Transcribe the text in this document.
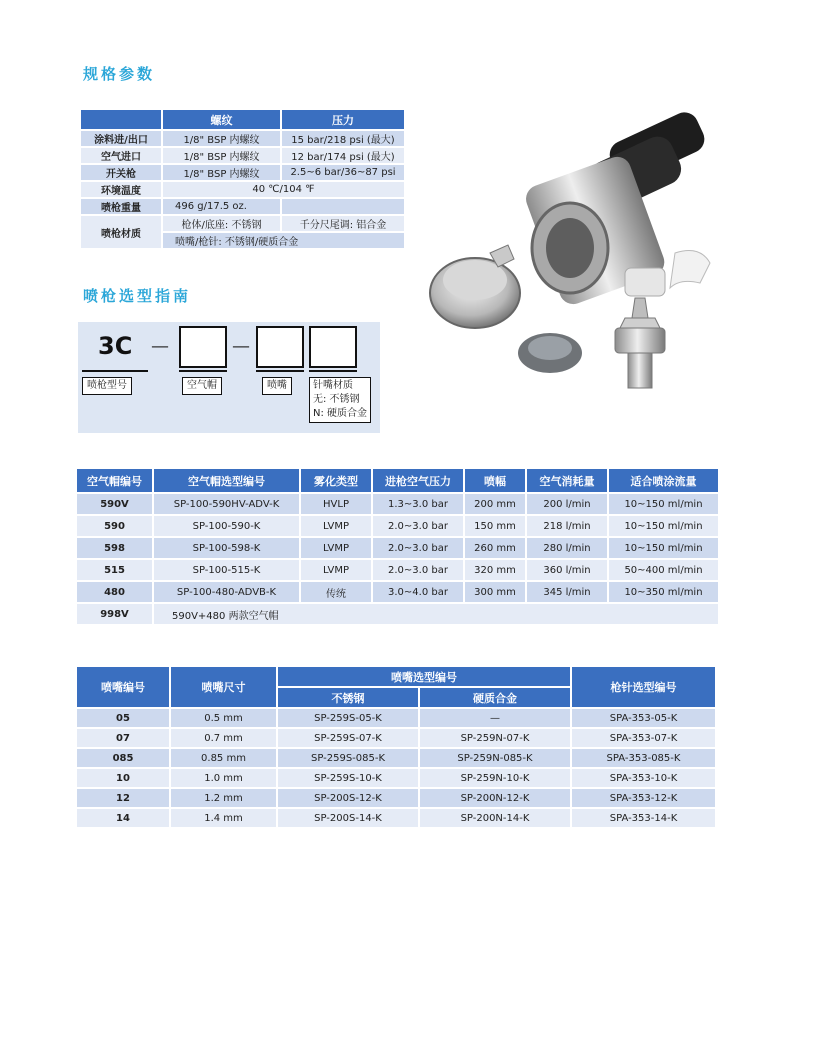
规格参数
	螺纹	压力
涂料进/出口	1/8" BSP 内螺纹	15 bar/218 psi (最大)
空气进口	1/8" BSP 内螺纹	12 bar/174 psi (最大)
开关枪	1/8" BSP 内螺纹	2.5~6 bar/36~87 psi
环境温度	40 ℃/104 ℉	
喷枪重量	496 g/17.5 oz.	
喷枪材质	枪体/底座: 不锈钢	千分尺尾调: 铝合金
	喷嘴/枪针: 不锈钢/硬质合金	
喷枪选型指南
3C —	—
喷枪型号	空气帽	喷嘴	针嘴材质
无: 不锈钢
N: 硬质合金
空气帽编号	空气帽选型编号	雾化类型	进枪空气压力	喷幅	空气消耗量	适合喷涂流量
590V	SP-100-590HV-ADV-K	HVLP	1.3~3.0 bar	200 mm	200 l/min	10~150 ml/min
590	SP-100-590-K	LVMP	2.0~3.0 bar	150 mm	218 l/min	10~150 ml/min
598	SP-100-598-K	LVMP	2.0~3.0 bar	260 mm	280 l/min	10~150 ml/min
515	SP-100-515-K	LVMP	2.0~3.0 bar	320 mm	360 l/min	50~400 ml/min
480	SP-100-480-ADVB-K	传统	3.0~4.0 bar	300 mm	345 l/min	10~350 ml/min
998V	590V+480 两款空气帽					
喷嘴编号	喷嘴尺寸	喷嘴选型编号		枪针选型编号
		不锈钢	硬质合金	
05	0.5 mm	SP-259S-05-K	—	SPA-353-05-K
07	0.7 mm	SP-259S-07-K	SP-259N-07-K	SPA-353-07-K
085	0.85 mm	SP-259S-085-K	SP-259N-085-K	SPA-353-085-K
10	1.0 mm	SP-259S-10-K	SP-259N-10-K	SPA-353-10-K
12	1.2 mm	SP-200S-12-K	SP-200N-12-K	SPA-353-12-K
14	1.4 mm	SP-200S-14-K	SP-200N-14-K	SPA-353-14-K
